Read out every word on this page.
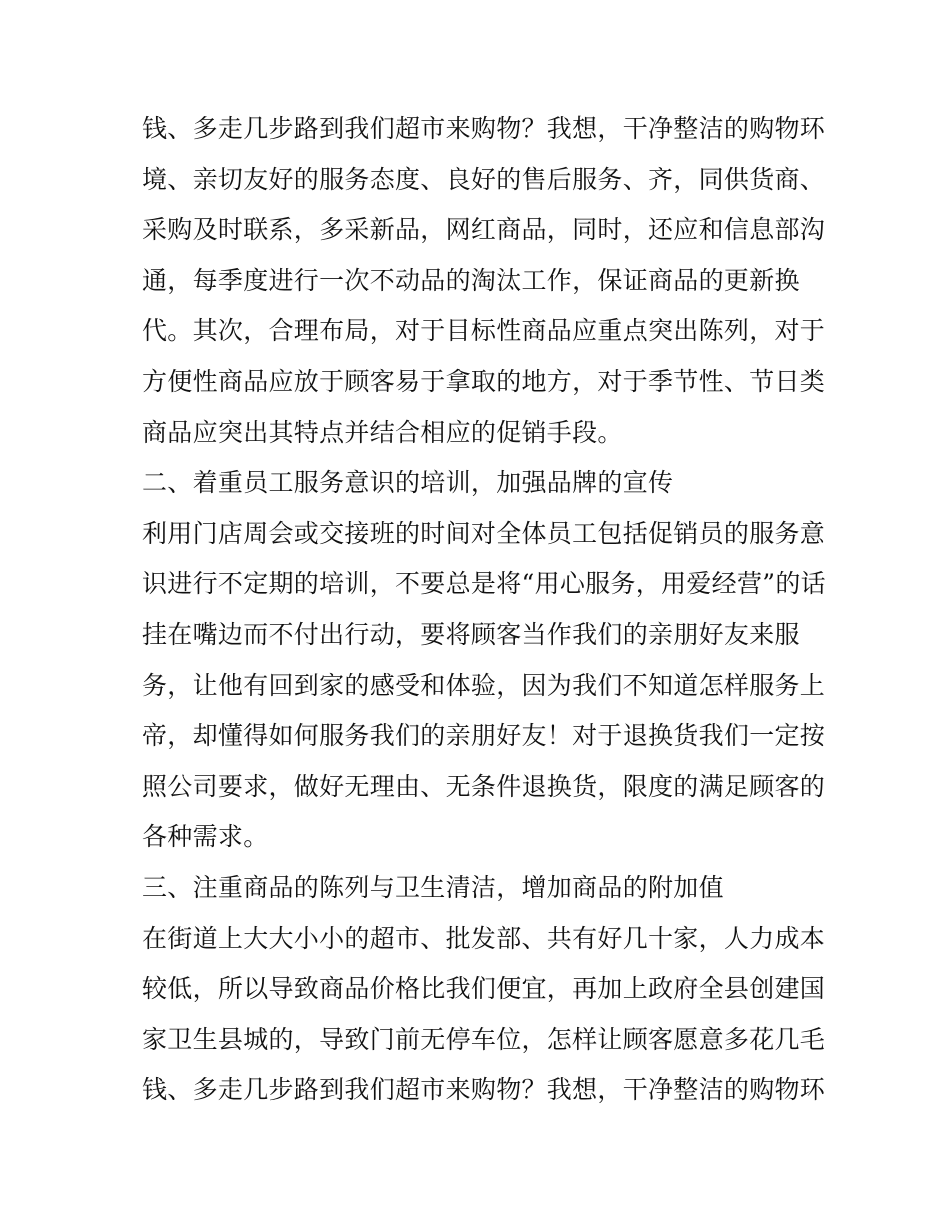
钱、多走几步路到我们超市来购物？我想，干净整洁的购物环
境、亲切友好的服务态度、良好的售后服务、齐，同供货商、
采购及时联系，多采新品，网红商品，同时，还应和信息部沟
通，每季度进行一次不动品的淘汰工作，保证商品的更新换
代。其次，合理布局，对于目标性商品应重点突出陈列，对于
方便性商品应放于顾客易于拿取的地方，对于季节性、节日类
商品应突出其特点并结合相应的促销手段。
二、着重员工服务意识的培训，加强品牌的宣传
利用门店周会或交接班的时间对全体员工包括促销员的服务意
识进行不定期的培训，不要总是将“用心服务，用爱经营”的话
挂在嘴边而不付出行动，要将顾客当作我们的亲朋好友来服
务，让他有回到家的感受和体验，因为我们不知道怎样服务上
帝，却懂得如何服务我们的亲朋好友！对于退换货我们一定按
照公司要求，做好无理由、无条件退换货，限度的满足顾客的
各种需求。
三、注重商品的陈列与卫生清洁，增加商品的附加值
在街道上大大小小的超市、批发部、共有好几十家，人力成本
较低，所以导致商品价格比我们便宜，再加上政府全县创建国
家卫生县城的，导致门前无停车位，怎样让顾客愿意多花几毛
钱、多走几步路到我们超市来购物？我想，干净整洁的购物环
